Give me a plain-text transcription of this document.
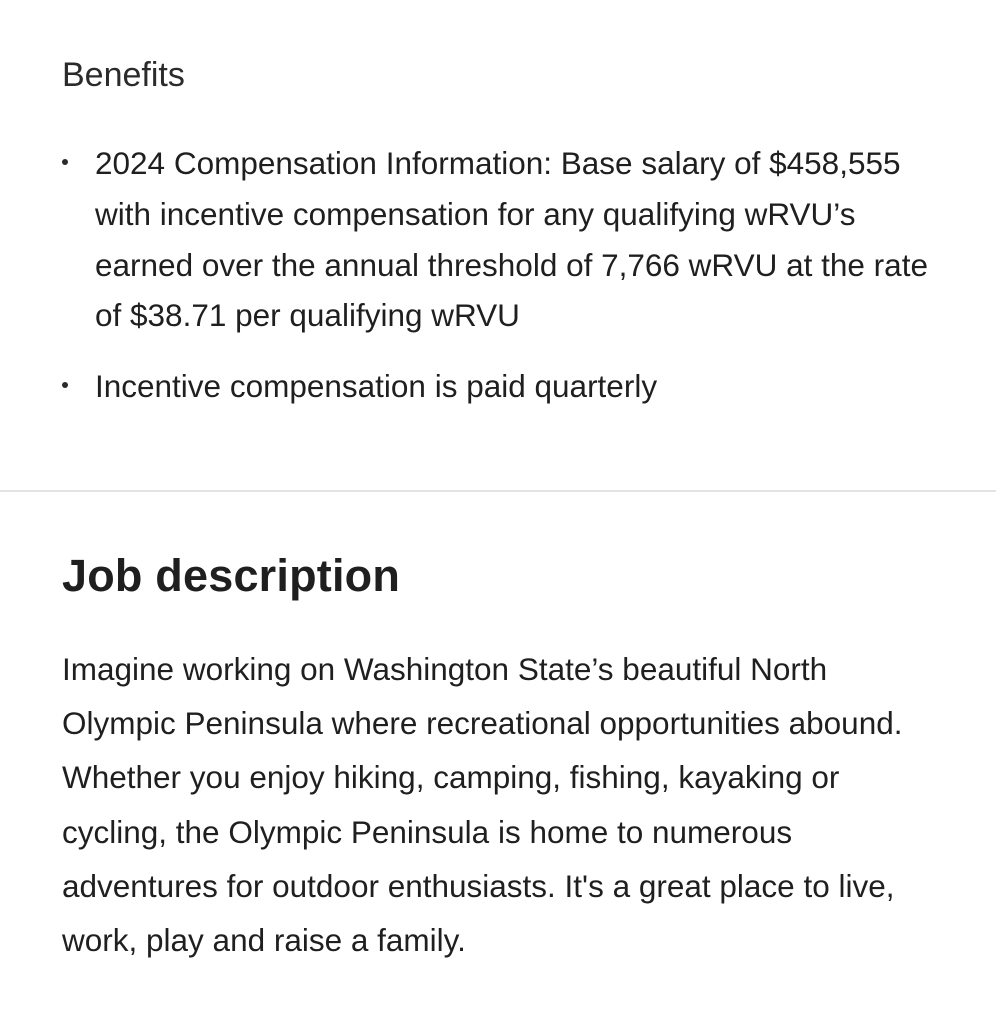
Benefits
2024 Compensation Information: Base salary of $458,555 with incentive compensation for any qualifying wRVU’s earned over the annual threshold of 7,766 wRVU at the rate of $38.71 per qualifying wRVU
Incentive compensation is paid quarterly
Job description

Imagine working on Washington State’s beautiful North Olympic Peninsula where recreational opportunities abound. Whether you enjoy hiking, camping, fishing, kayaking or cycling, the Olympic Peninsula is home to numerous adventures for outdoor enthusiasts. It's a great place to live, work, play and raise a family.
